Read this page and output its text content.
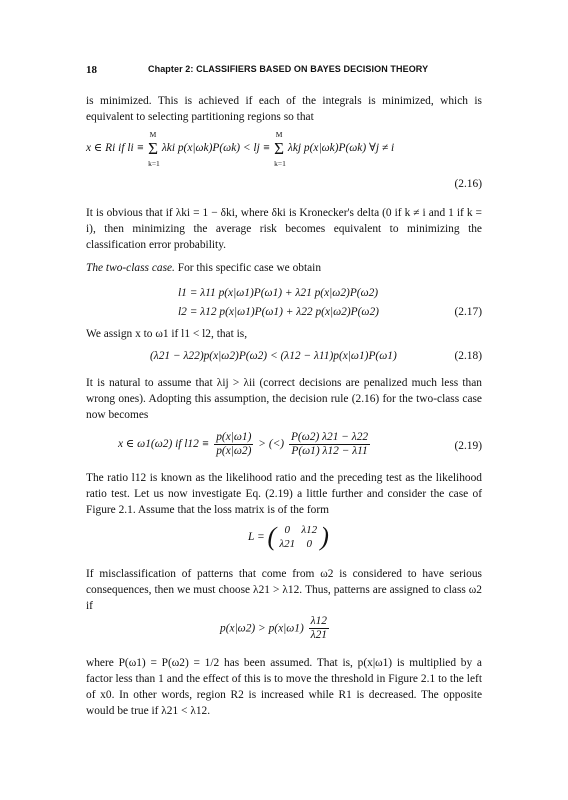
18	Chapter 2: CLASSIFIERS BASED ON BAYES DECISION THEORY
is minimized. This is achieved if each of the integrals is minimized, which is equivalent to selecting partitioning regions so that
x ∈ Ri if li ≡ Σ
M
k=1
λki p(x|ωk)P(ωk) < lj ≡ Σ
M
k=1
λkj p(x|ωk)P(ωk) ∀j ≠ i
(2.16)
It is obvious that if λki = 1 − δki, where δki is Kronecker's delta (0 if k ≠ i and 1 if k = i), then minimizing the average risk becomes equivalent to minimizing the classification error probability.
The two-class case. For this specific case we obtain
l1 = λ11 p(x|ω1)P(ω1) + λ21 p(x|ω2)P(ω2)
l2 = λ12 p(x|ω1)P(ω1) + λ22 p(x|ω2)P(ω2)	(2.17)
We assign x to ω1 if l1 < l2, that is,
(λ21 − λ22)p(x|ω2)P(ω2) < (λ12 − λ11)p(x|ω1)P(ω1)	(2.18)
It is natural to assume that λij > λii (correct decisions are penalized much less than wrong ones). Adopting this assumption, the decision rule (2.16) for the two-class case now becomes
x ∈ ω1(ω2) if $l12 \equiv \frac{p(x|\omega 1)}{p(x|\omega 2)}$ > (<) $\frac{P(\omega 2) \lambda 21 - \lambda 22}{P(\omega 1) \lambda 12 - \lambda 11}$	(2.19)
The ratio l12 is known as the likelihood ratio and the preceding test as the likelihood ratio test. Let us now investigate Eq. (2.19) a little further and consider the case of Figure 2.1. Assume that the loss matrix is of the form
L = ( 0	λ12
λ21	0 )
If misclassification of patterns that come from ω2 is considered to have serious consequences, then we must choose λ21 > λ12. Thus, patterns are assigned to class ω2 if
$p(x|\omega 2) > p(x|\omega 1) \frac{\lambda 12}{\lambda 21}$
where P(ω1) = P(ω2) = 1/2 has been assumed. That is, p(x|ω1) is multiplied by a factor less than 1 and the effect of this is to move the threshold in Figure 2.1 to the left of x0. In other words, region R2 is increased while R1 is decreased. The opposite would be true if λ21 < λ12.
